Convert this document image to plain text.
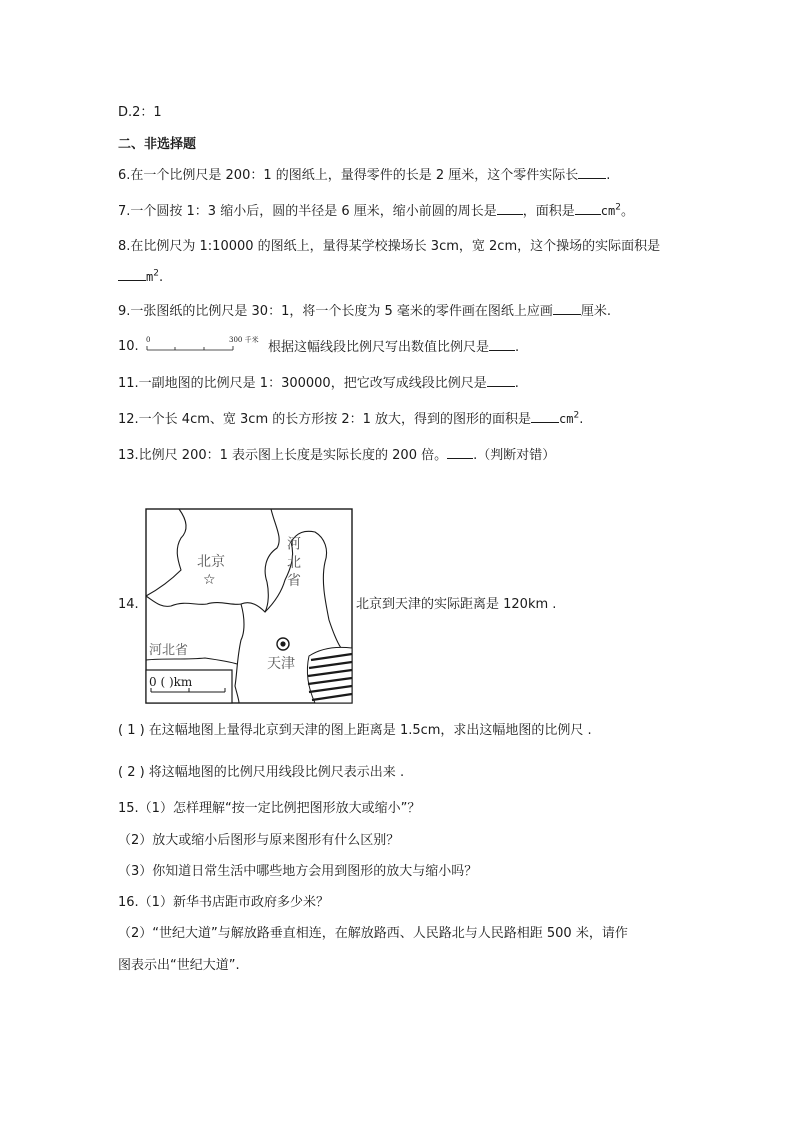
D.2：1
二、非选择题
6.在一个比例尺是 200：1 的图纸上，量得零件的长是 2 厘米，这个零件实际长 .
7.一个圆按 1：3 缩小后，圆的半径是 6 厘米，缩小前圆的周长是 ，面积是 $cm^2$。
8.在比例尺为 1:10000 的图纸上，量得某学校操场长 3cm，宽 2cm，这个操场的实际面积是
$m^2$.
9.一张图纸的比例尺是 30：1，将一个长度为 5 毫米的零件画在图纸上应画 厘米.
10. 0	300 千米 根据这幅线段比例尺写出数值比例尺是 .
11.一副地图的比例尺是 1：300000，把它改写成线段比例尺是 .
12.一个长 4cm、宽 3cm 的长方形按 2：1 放大，得到的图形的面积是 $cm^2$.
13.比例尺 200：1 表示图上长度是实际长度的 200 倍。 .（判断对错）
14.
0 ( )km
☆
北京	河 北 省
天津
河北省
北京到天津的实际距离是 120km .
( 1 ) 在这幅地图上量得北京到天津的图上距离是 1.5cm，求出这幅地图的比例尺 .
( 2 ) 将这幅地图的比例尺用线段比例尺表示出来 .
15.（1）怎样理解“按一定比例把图形放大或缩小”？
（2）放大或缩小后图形与原来图形有什么区别？
（3）你知道日常生活中哪些地方会用到图形的放大与缩小吗？
16.（1）新华书店距市政府多少米？
（2）“世纪大道”与解放路垂直相连，在解放路西、人民路北与人民路相距 500 米，请作
图表示出“世纪大道”.
